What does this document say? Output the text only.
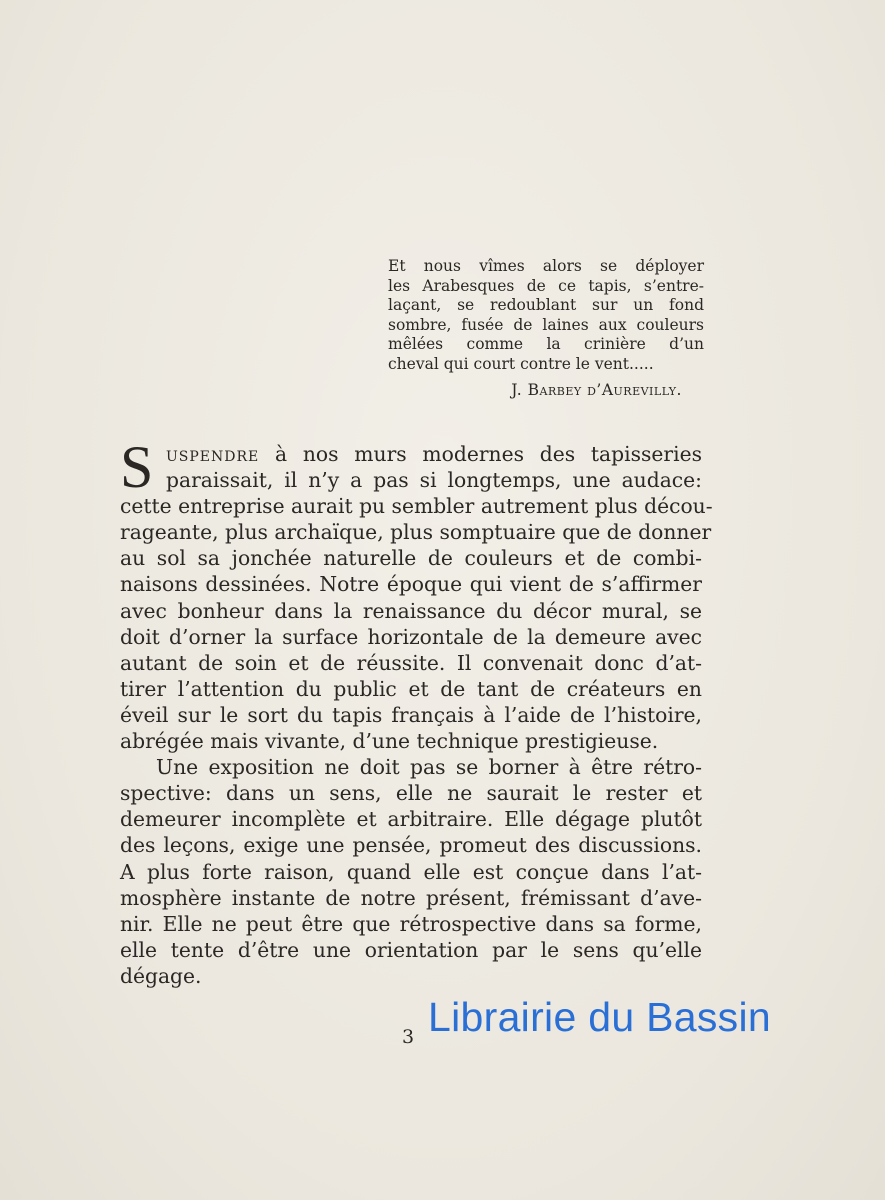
Et nous vîmes alors se déployer
les Arabesques de ce tapis, s’entre-
laçant, se redoublant sur un fond
sombre, fusée de laines aux couleurs
mêlées comme la crinière d’un
cheval qui court contre le vent.....
J. Barbey d’Aurevilly.
S uspendre à nos murs modernes des tapisseries
paraissait, il n’y a pas si longtemps, une audace:
cette entreprise aurait pu sembler autrement plus décou-
rageante, plus archaïque, plus somptuaire que de donner
au sol sa jonchée naturelle de couleurs et de combi-
naisons dessinées. Notre époque qui vient de s’affirmer
avec bonheur dans la renaissance du décor mural, se
doit d’orner la surface horizontale de la demeure avec
autant de soin et de réussite. Il convenait donc d’at-
tirer l’attention du public et de tant de créateurs en
éveil sur le sort du tapis français à l’aide de l’histoire,
abrégée mais vivante, d’une technique prestigieuse.
Une exposition ne doit pas se borner à être rétro-
spective: dans un sens, elle ne saurait le rester et
demeurer incomplète et arbitraire. Elle dégage plutôt
des leçons, exige une pensée, promeut des discussions.
A plus forte raison, quand elle est conçue dans l’at-
mosphère instante de notre présent, frémissant d’ave-
nir. Elle ne peut être que rétrospective dans sa forme,
elle tente d’être une orientation par le sens qu’elle
dégage.
3 Librairie du Bassin
